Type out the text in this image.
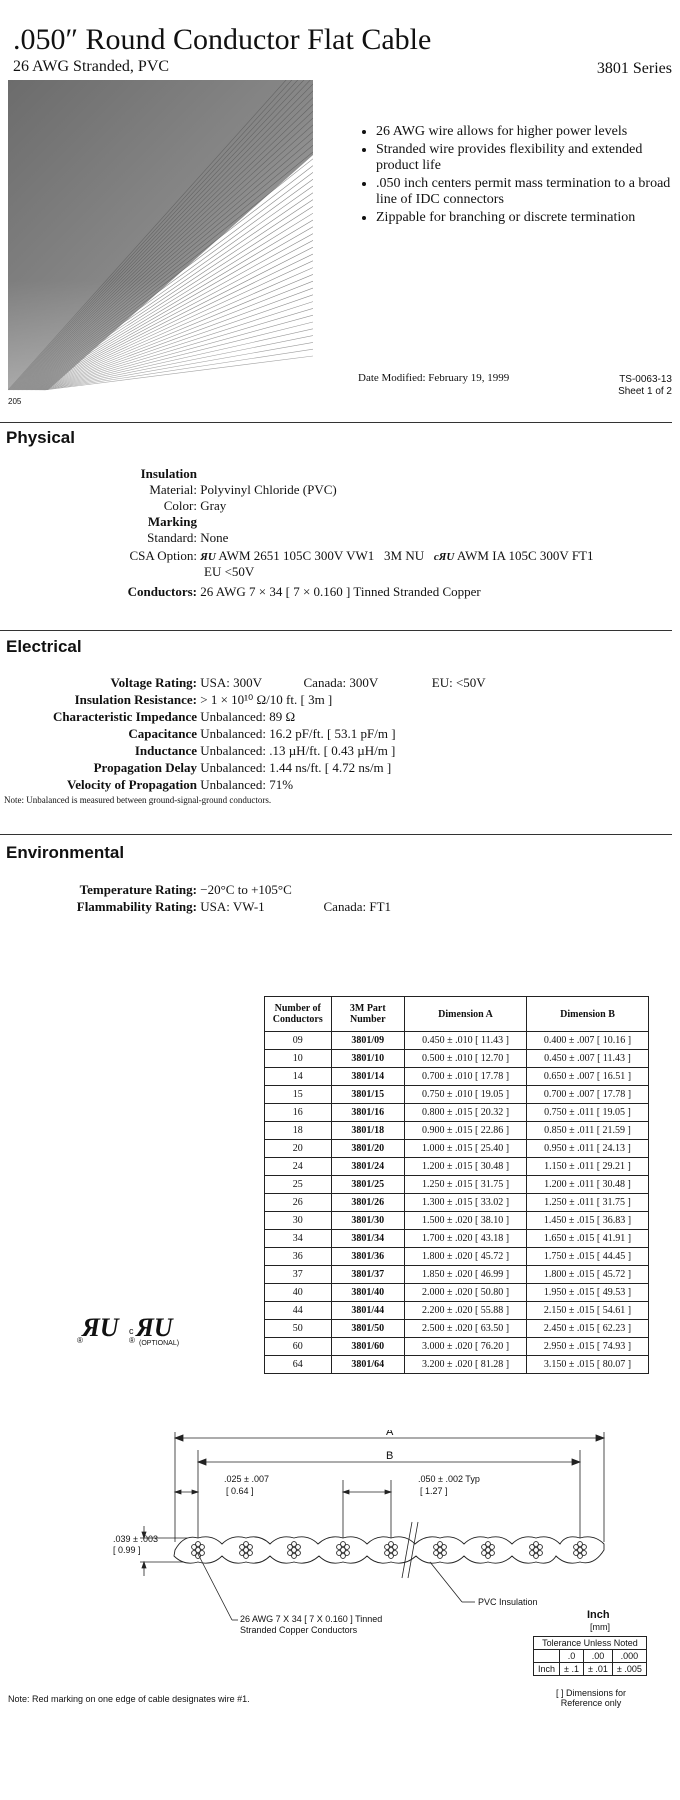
.050″ Round Conductor Flat Cable
26 AWG Stranded, PVC	3801 Series
205
• 26 AWG wire allows for higher power levels
• Stranded wire provides flexibility and extended product life
• .050 inch centers permit mass termination to a broad line of IDC connectors
• Zippable for branching or discrete termination
Date Modified: February 19, 1999	TS-0063-13
Sheet 1 of 2
Physical
Insulation
Material: Polyvinyl Chloride (PVC)
Color: Gray
Marking
Standard: None
CSA Option: ЯU AWM 2651 105C 300V VW1 3M NU cЯU AWM IA 105C 300V FT1
EU <50V
Conductors: 26 AWG 7 × 34 [ 7 × 0.160 ] Tinned Stranded Copper
Electrical
Voltage Rating: USA: 300V	Canada: 300V	EU: <50V
Insulation Resistance: > 1 × 10¹⁰ Ω/10 ft. [ 3m ]
Characteristic Impedance Unbalanced: 89 Ω
Capacitance Unbalanced: 16.2 pF/ft. [ 53.1 pF/m ]
Inductance Unbalanced: .13 µH/ft. [ 0.43 µH/m ]
Propagation Delay Unbalanced: 1.44 ns/ft. [ 4.72 ns/m ]
Velocity of Propagation Unbalanced: 71%
Note: Unbalanced is measured between ground-signal-ground conductors.
Environmental
Temperature Rating: −20°C to +105°C
Flammability Rating: USA: VW-1	Canada: FT1
Number of Conductors	3M Part Number	Dimension A	Dimension B
09	3801/09	0.450 ± .010 [ 11.43 ]	0.400 ± .007 [ 10.16 ]
10	3801/10	0.500 ± .010 [ 12.70 ]	0.450 ± .007 [ 11.43 ]
14	3801/14	0.700 ± .010 [ 17.78 ]	0.650 ± .007 [ 16.51 ]
15	3801/15	0.750 ± .010 [ 19.05 ]	0.700 ± .007 [ 17.78 ]
16	3801/16	0.800 ± .015 [ 20.32 ]	0.750 ± .011 [ 19.05 ]
18	3801/18	0.900 ± .015 [ 22.86 ]	0.850 ± .011 [ 21.59 ]
20	3801/20	1.000 ± .015 [ 25.40 ]	0.950 ± .011 [ 24.13 ]
24	3801/24	1.200 ± .015 [ 30.48 ]	1.150 ± .011 [ 29.21 ]
25	3801/25	1.250 ± .015 [ 31.75 ]	1.200 ± .011 [ 30.48 ]
26	3801/26	1.300 ± .015 [ 33.02 ]	1.250 ± .011 [ 31.75 ]
30	3801/30	1.500 ± .020 [ 38.10 ]	1.450 ± .015 [ 36.83 ]
34	3801/34	1.700 ± .020 [ 43.18 ]	1.650 ± .015 [ 41.91 ]
36	3801/36	1.800 ± .020 [ 45.72 ]	1.750 ± .015 [ 44.45 ]
37	3801/37	1.850 ± .020 [ 46.99 ]	1.800 ± .015 [ 45.72 ]
40	3801/40	2.000 ± .020 [ 50.80 ]	1.950 ± .015 [ 49.53 ]
44	3801/44	2.200 ± .020 [ 55.88 ]	2.150 ± .015 [ 54.61 ]
50	3801/50	2.500 ± .020 [ 63.50 ]	2.450 ± .015 [ 62.23 ]
60	3801/60	3.000 ± .020 [ 76.20 ]	2.950 ± .015 [ 74.93 ]
64	3801/64	3.200 ± .020 [ 81.28 ]	3.150 ± .015 [ 80.07 ]
ЯU ЯU
®
c
® (OPTIONAL)
A
B
.025 ± .007
[ 0.64 ]
.050 ± .002 Typ
[ 1.27 ]
.039 ± .003
[ 0.99 ]
PVC Insulation
26 AWG 7 X 34 [ 7 X 0.160 ] Tinned
Stranded Copper Conductors
Inch
[mm]
Tolerance Unless Noted			
	.0	.00	.000
Inch	± .1	± .01	± .005
[ ] Dimensions for
Reference only
Note: Red marking on one edge of cable designates wire #1.
